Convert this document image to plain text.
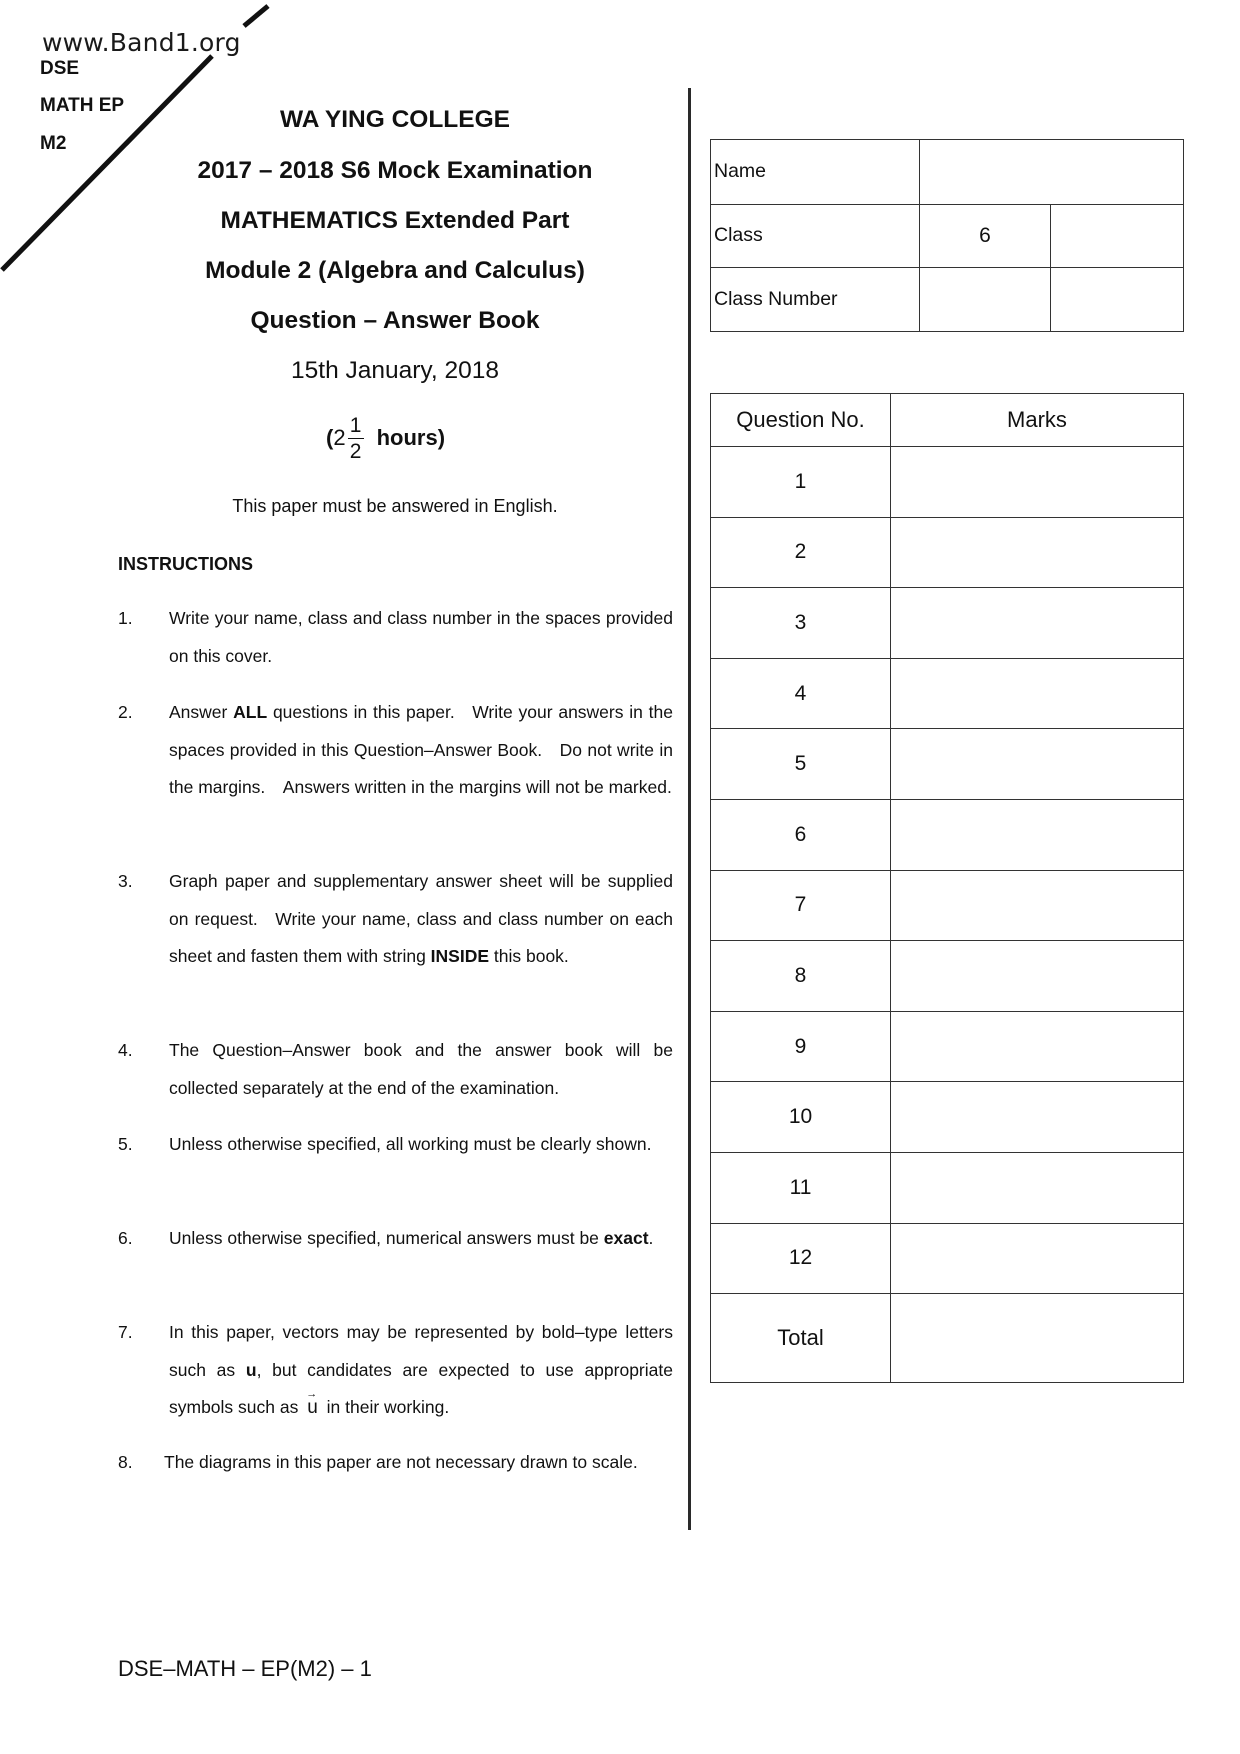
www.Band1.org
DSE
MATH EP
M2
WA YING COLLEGE
2017 – 2018 S6 Mock Examination
MATHEMATICS Extended Part
Module 2 (Algebra and Calculus)
Question – Answer Book
15th January, 2018
( $2 \frac{1}{2}$ hours)
This paper must be answered in English.
INSTRUCTIONS
1.	Write your name, class and class number in the spaces provided on this cover.
2.	Answer ALL questions in this paper. Write your answers in the spaces provided in this Question–Answer Book. Do not write in the margins. Answers written in the margins will not be marked.
3.	Graph paper and supplementary answer sheet will be supplied on request. Write your name, class and class number on each sheet and fasten them with string INSIDE this book.
4.	The Question–Answer book and the answer book will be collected separately at the end of the examination.
5.	Unless otherwise specified, all working must be clearly shown.
6.	Unless otherwise specified, numerical answers must be exact.
7.	In this paper, vectors may be represented by bold–type letters such as u, but candidates are expected to use appropriate symbols such as → u in their working.
8.	The diagrams in this paper are not necessary drawn to scale.
Name
Class	6
Class Number
Question No.	Marks
1
2
3
4
5
6
7
8
9
10
11
12
Total
DSE–MATH – EP(M2) – 1
